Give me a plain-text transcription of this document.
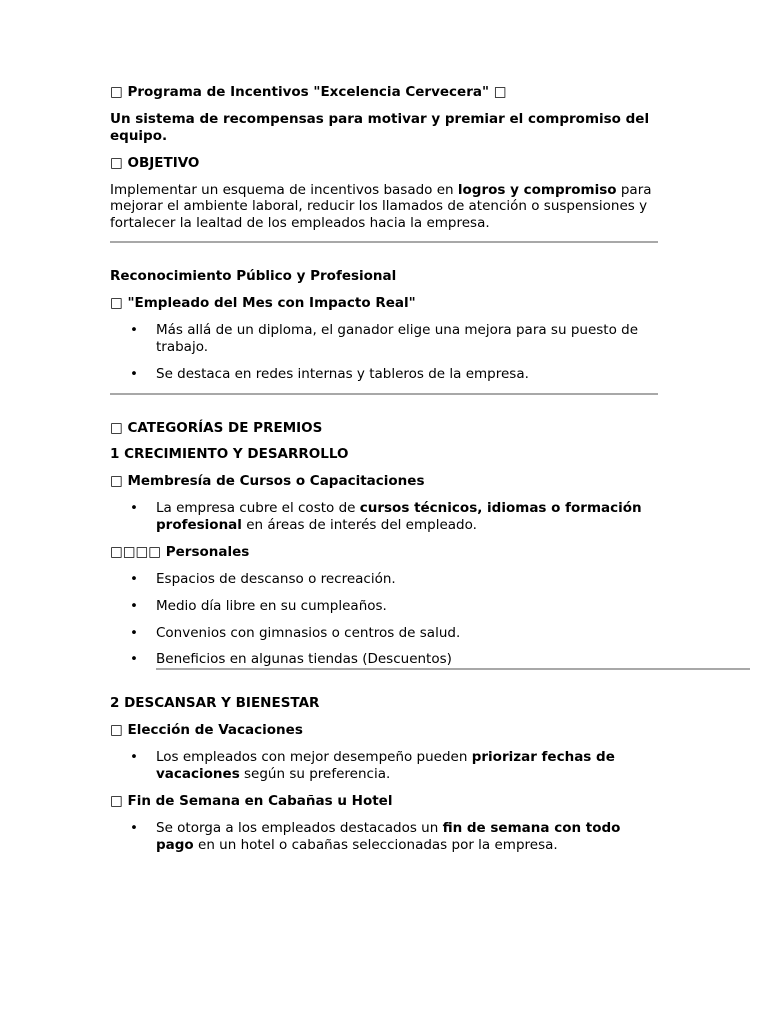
□ Programa de Incentivos "Excelencia Cervecera" □

Un sistema de recompensas para motivar y premiar el compromiso del equipo.

□ OBJETIVO

Implementar un esquema de incentivos basado en logros y compromiso para mejorar el ambiente laboral, reducir los llamados de atención o suspensiones y fortalecer la lealtad de los empleados hacia la empresa.

Reconocimiento Público y Profesional

□ "Empleado del Mes con Impacto Real"

• Más allá de un diploma, el ganador elige una mejora para su puesto de trabajo.
• Se destaca en redes internas y tableros de la empresa.

□ CATEGORÍAS DE PREMIOS

1 CRECIMIENTO Y DESARROLLO

□ Membresía de Cursos o Capacitaciones

• La empresa cubre el costo de cursos técnicos, idiomas o formación profesional en áreas de interés del empleado.

□□□□ Personales

• Espacios de descanso o recreación.
• Medio día libre en su cumpleaños.
• Convenios con gimnasios o centros de salud.
• Beneficios en algunas tiendas (Descuentos)

2 DESCANSAR Y BIENESTAR

□ Elección de Vacaciones

• Los empleados con mejor desempeño pueden priorizar fechas de vacaciones según su preferencia.

□ Fin de Semana en Cabañas u Hotel

• Se otorga a los empleados destacados un fin de semana con todo pago en un hotel o cabañas seleccionadas por la empresa.
